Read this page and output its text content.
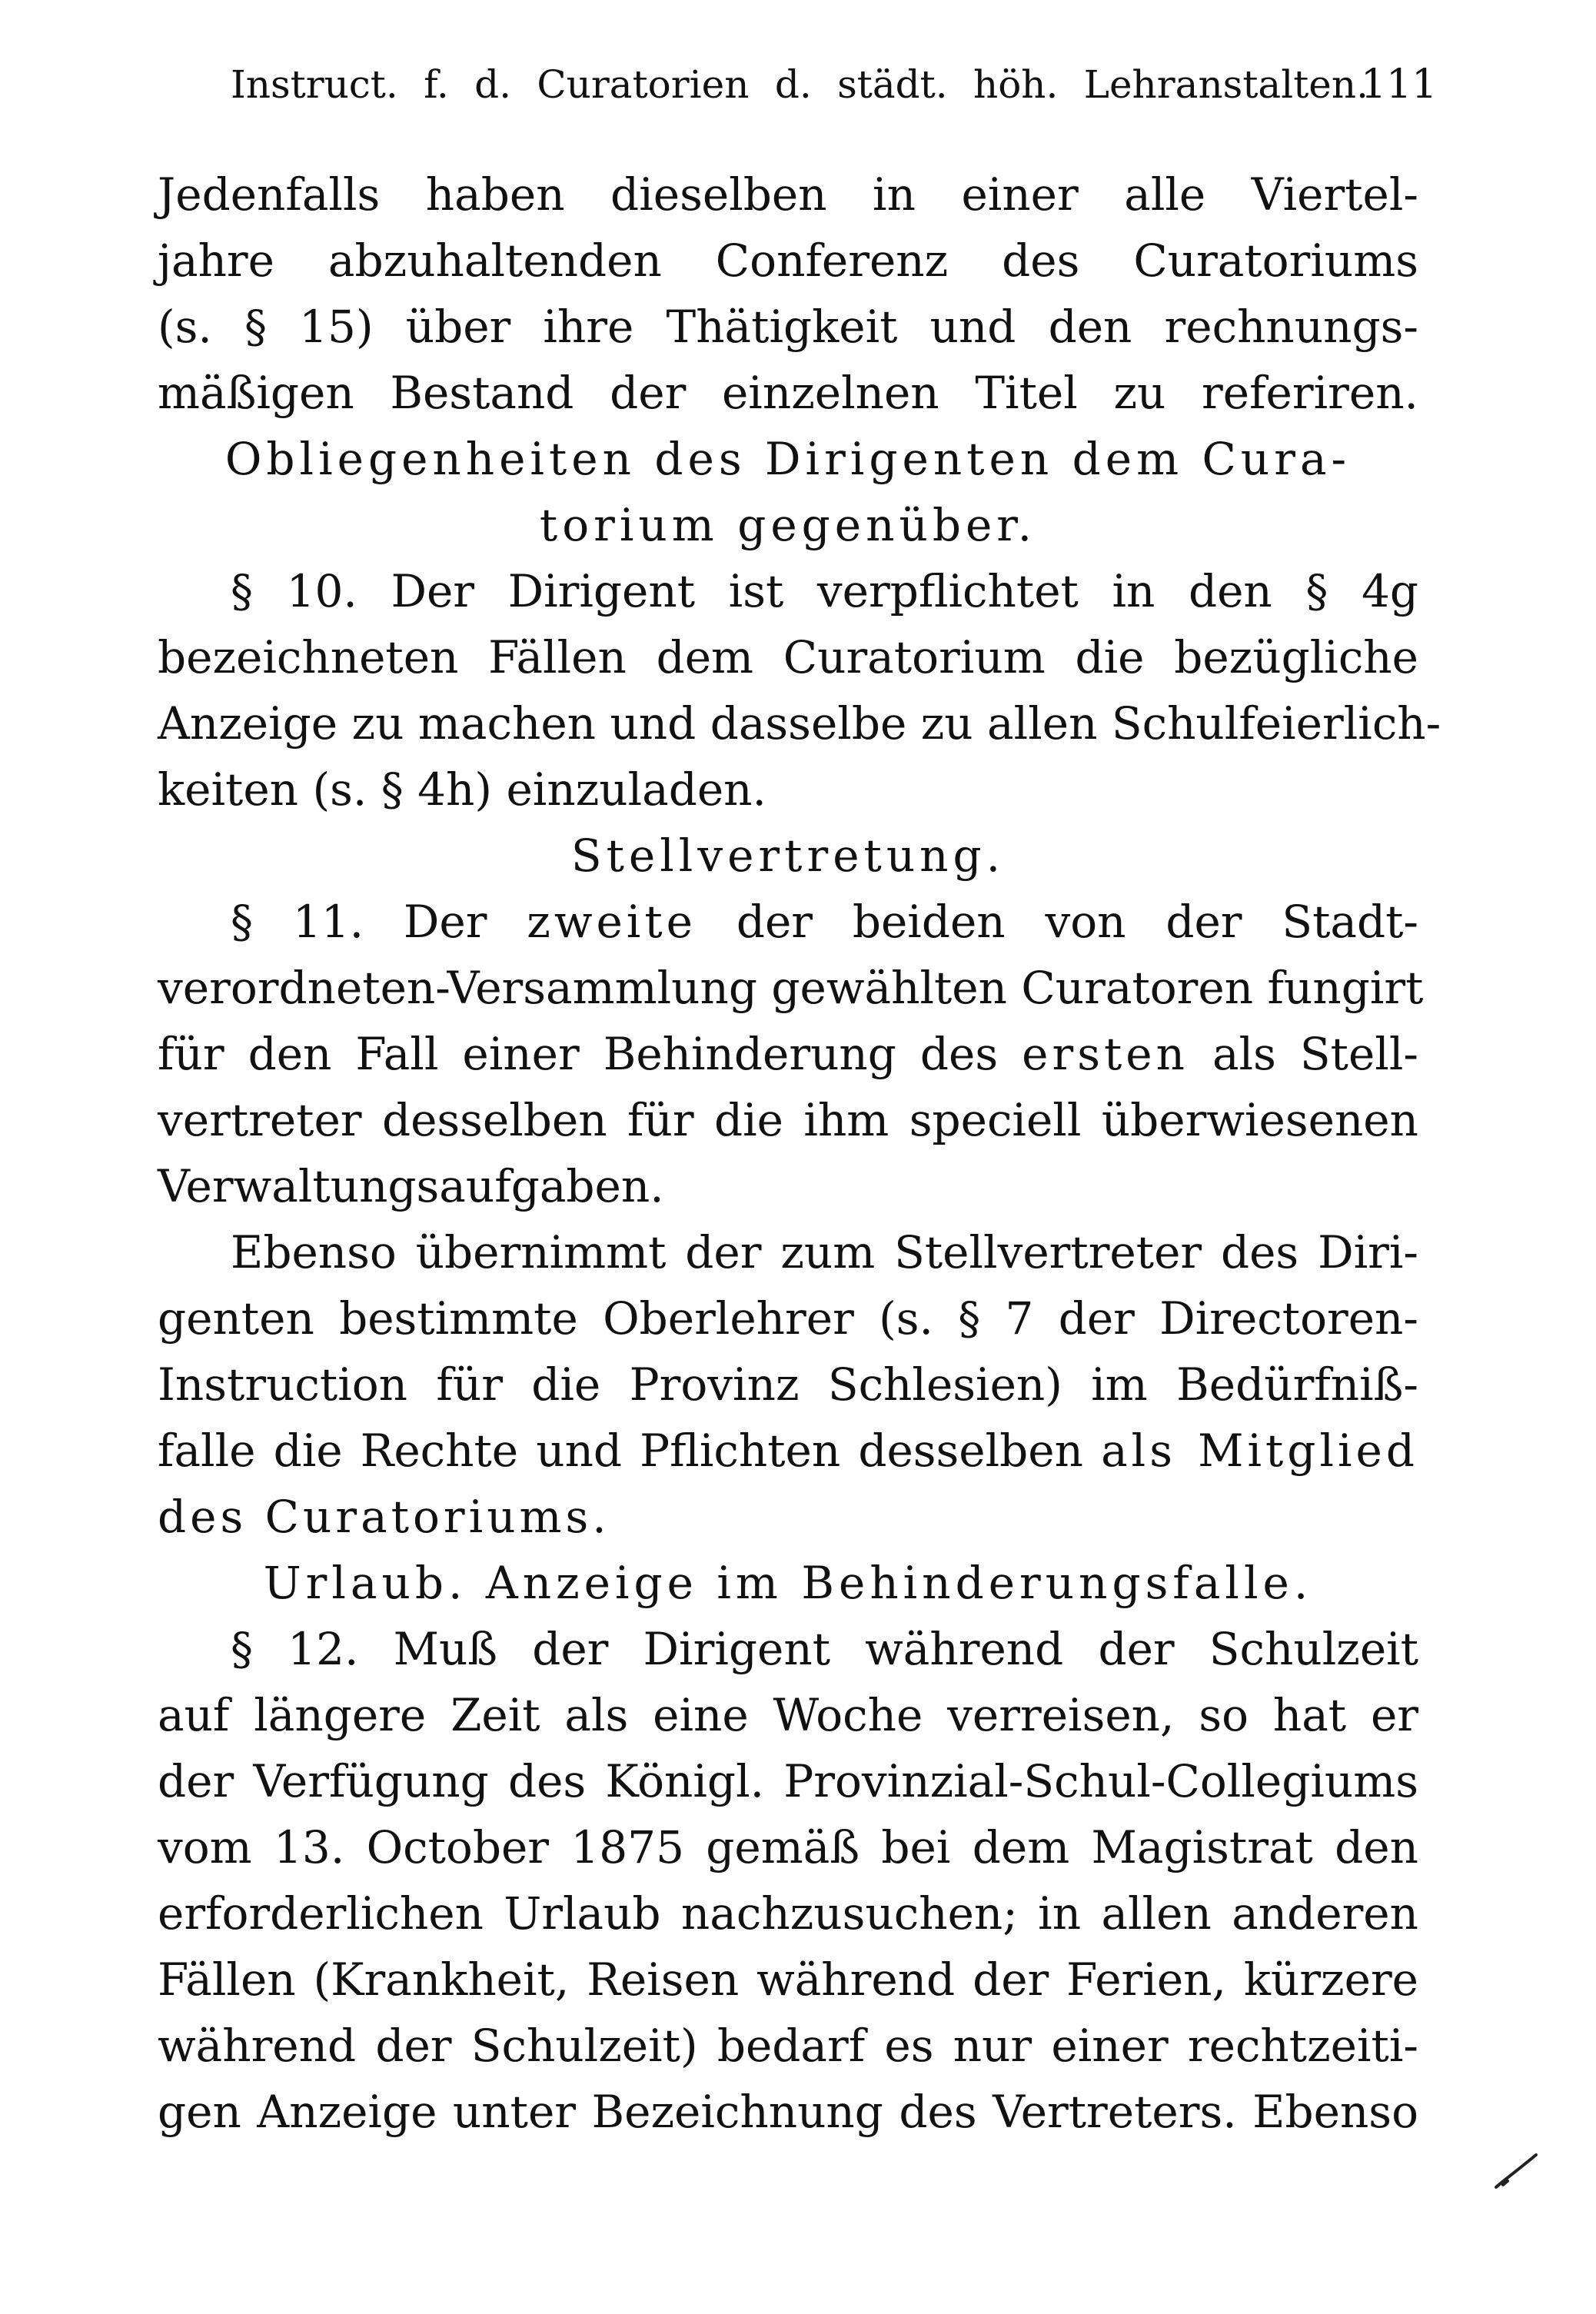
Instruct. f. d. Curatorien d. städt. höh. Lehranstalten.
111
Jedenfalls haben dieselben in einer alle Viertel-
jahre abzuhaltenden Conferenz des Curatoriums
(s. § 15) über ihre Thätigkeit und den rechnungs-
mäßigen Bestand der einzelnen Titel zu referiren.
Obliegenheiten des Dirigenten dem Cura-
torium gegenüber.
§ 10. Der Dirigent ist verpflichtet in den § 4g
bezeichneten Fällen dem Curatorium die bezügliche
Anzeige zu machen und dasselbe zu allen Schulfeierlich-
keiten (s. § 4h) einzuladen.
Stellvertretung.
§ 11. Der zweite der beiden von der Stadt-
verordneten-Versammlung gewählten Curatoren fungirt
für den Fall einer Behinderung des ersten als Stell-
vertreter desselben für die ihm speciell überwiesenen
Verwaltungsaufgaben.
Ebenso übernimmt der zum Stellvertreter des Diri-
genten bestimmte Oberlehrer (s. § 7 der Directoren-
Instruction für die Provinz Schlesien) im Bedürfniß-
falle die Rechte und Pflichten desselben als Mitglied
des Curatoriums.
Urlaub. Anzeige im Behinderungsfalle.
§ 12. Muß der Dirigent während der Schulzeit
auf längere Zeit als eine Woche verreisen, so hat er
der Verfügung des Königl. Provinzial-Schul-Collegiums
vom 13. October 1875 gemäß bei dem Magistrat den
erforderlichen Urlaub nachzusuchen; in allen anderen
Fällen (Krankheit, Reisen während der Ferien, kürzere
während der Schulzeit) bedarf es nur einer rechtzeiti-
gen Anzeige unter Bezeichnung des Vertreters. Ebenso
